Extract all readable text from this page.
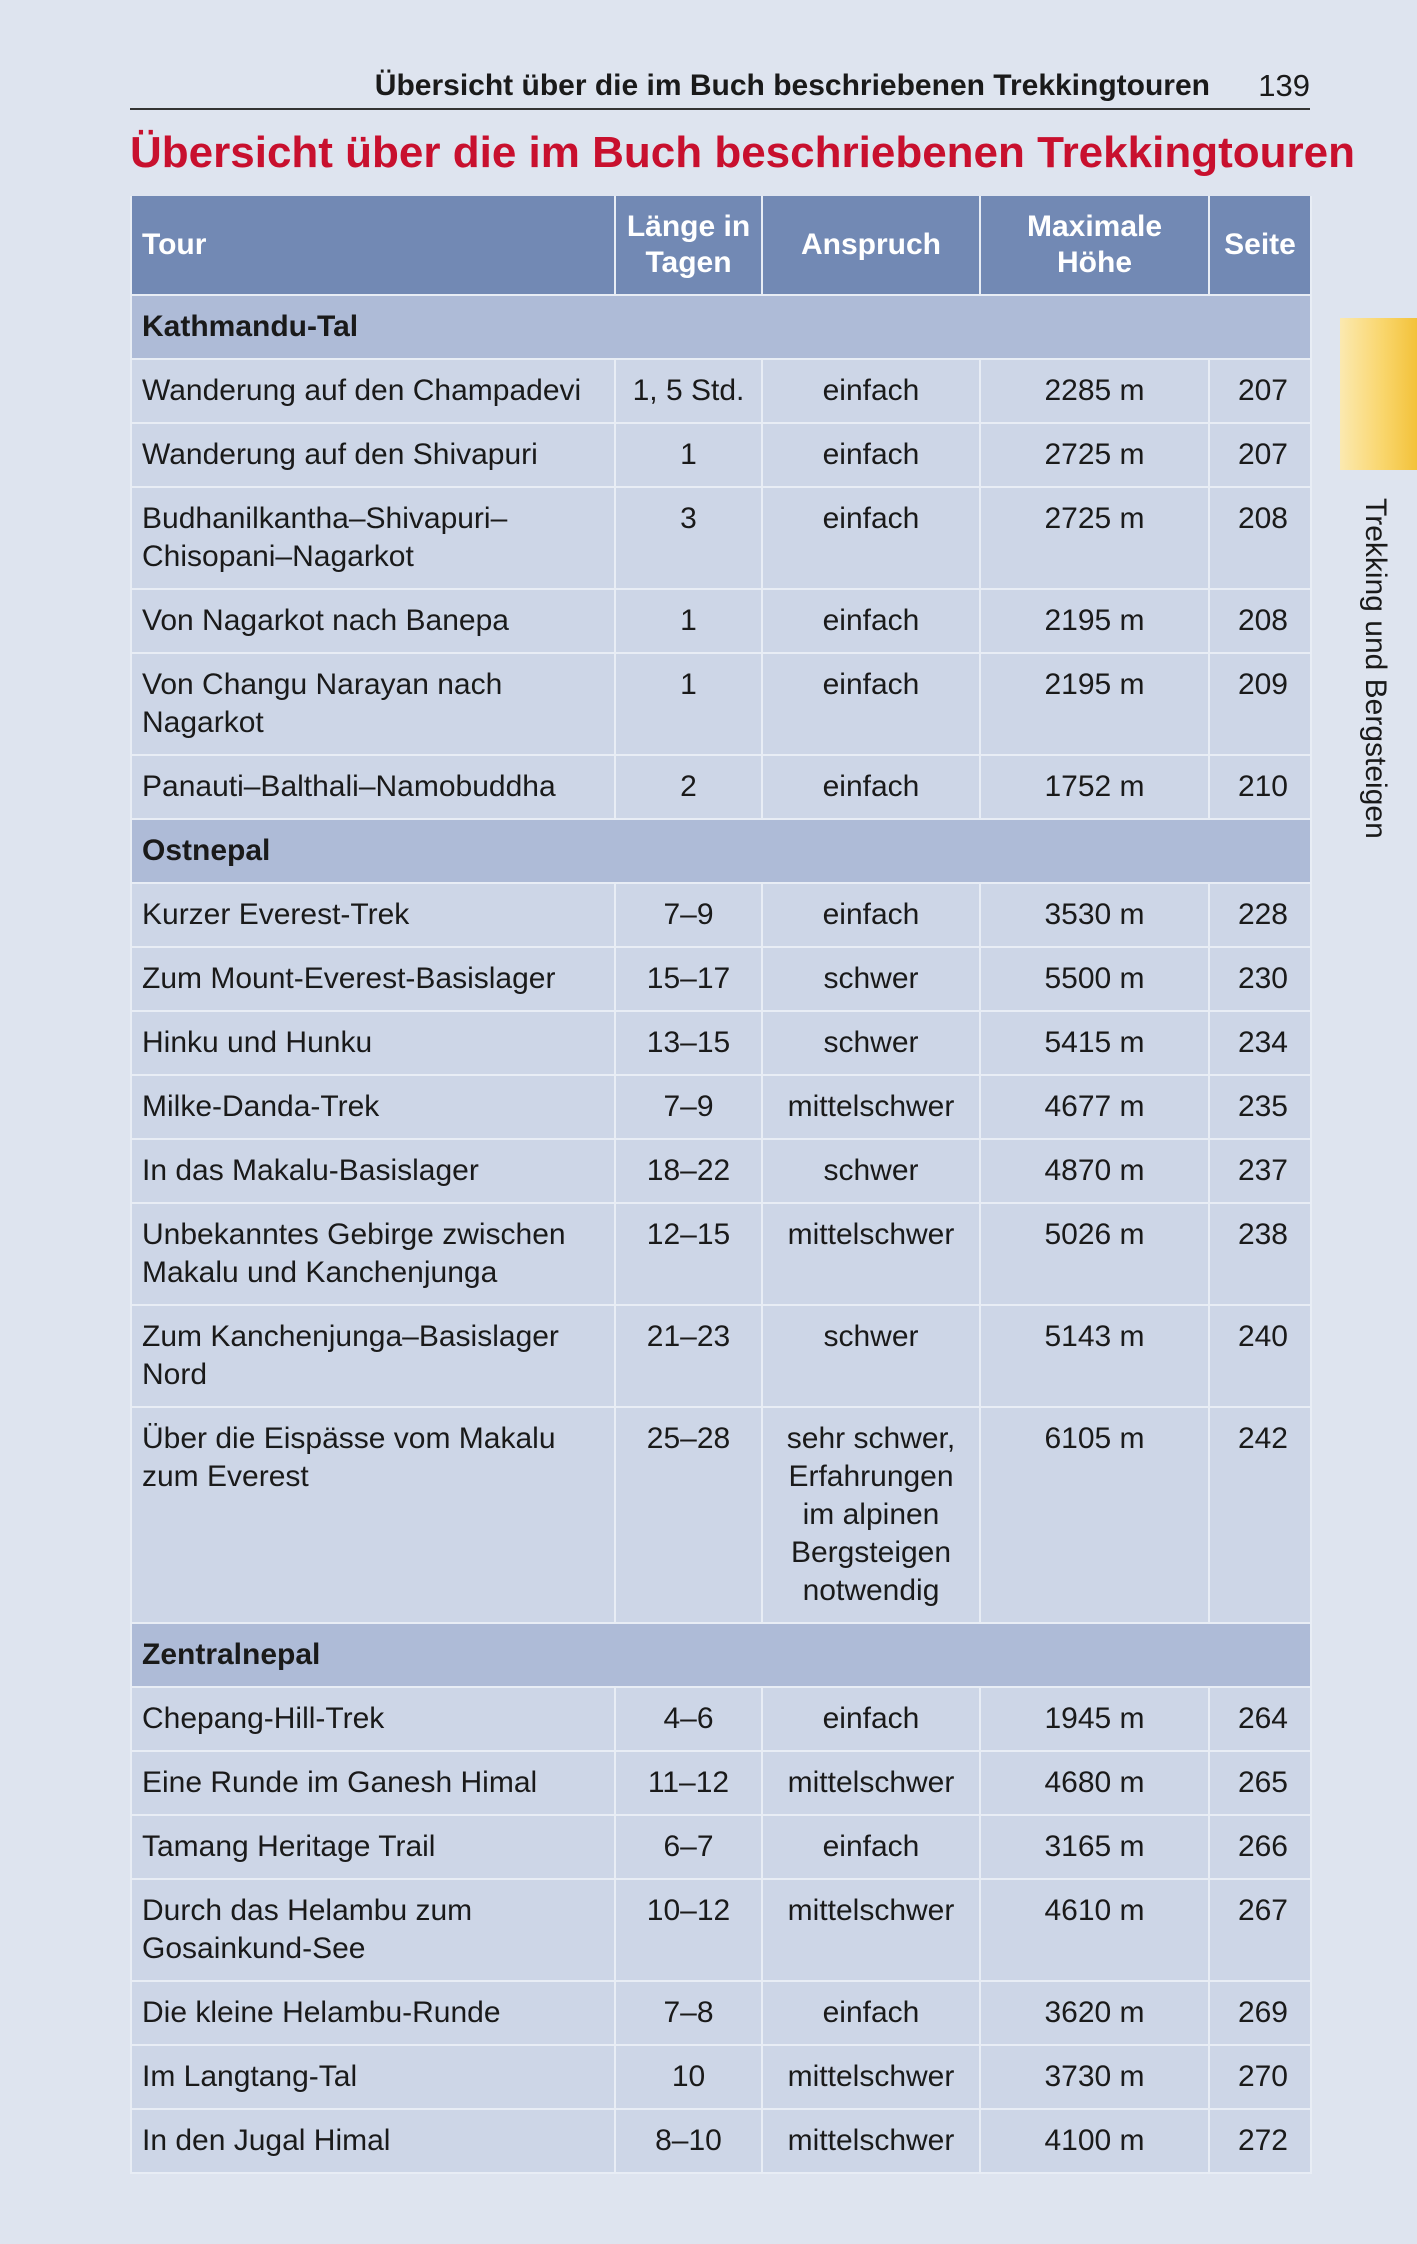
Übersicht über die im Buch beschriebenen Trekkingtouren 139
Übersicht über die im Buch beschriebenen Trekkingtouren
Trekking und Bergsteigen
Tour	Länge in Tagen	Anspruch	Maximale Höhe	Seite
Kathmandu-Tal				
Wanderung auf den Champadevi	1, 5 Std.	einfach	2285 m	207
Wanderung auf den Shivapuri	1	einfach	2725 m	207
Budhanilkantha–Shivapuri–Chisopani–Nagarkot	3	einfach	2725 m	208
Von Nagarkot nach Banepa	1	einfach	2195 m	208
Von Changu Narayan nach Nagarkot	1	einfach	2195 m	209
Panauti–Balthali–Namobuddha	2	einfach	1752 m	210
Ostnepal				
Kurzer Everest-Trek	7–9	einfach	3530 m	228
Zum Mount-Everest-Basislager	15–17	schwer	5500 m	230
Hinku und Hunku	13–15	schwer	5415 m	234
Milke-Danda-Trek	7–9	mittelschwer	4677 m	235
In das Makalu-Basislager	18–22	schwer	4870 m	237
Unbekanntes Gebirge zwischen Makalu und Kanchenjunga	12–15	mittelschwer	5026 m	238
Zum Kanchenjunga–Basislager Nord	21–23	schwer	5143 m	240
Über die Eispässe vom Makalu zum Everest	25–28	sehr schwer, Erfahrungen im alpinen Bergsteigen notwendig	6105 m	242
Zentralnepal				
Chepang-Hill-Trek	4–6	einfach	1945 m	264
Eine Runde im Ganesh Himal	11–12	mittelschwer	4680 m	265
Tamang Heritage Trail	6–7	einfach	3165 m	266
Durch das Helambu zum Gosainkund-See	10–12	mittelschwer	4610 m	267
Die kleine Helambu-Runde	7–8	einfach	3620 m	269
Im Langtang-Tal	10	mittelschwer	3730 m	270
In den Jugal Himal	8–10	mittelschwer	4100 m	272
